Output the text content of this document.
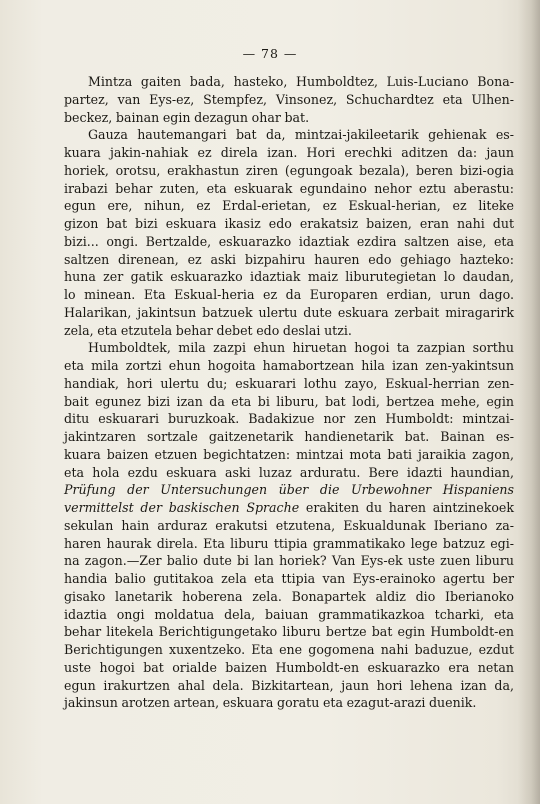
— 78 —
Mintza gaiten bada, hasteko, Humboldtez, Luis-Luciano Bona-
partez, van Eys-ez, Stempfez, Vinsonez, Schuchardtez eta Ulhen-
beckez, bainan egin dezagun ohar bat.
Gauza hautemangari bat da, mintzai-jakileetarik gehienak es-
kuara jakin-nahiak ez direla izan. Hori erechki aditzen da: jaun
horiek, orotsu, erakhastun ziren (egungoak bezala), beren bizi-ogia
irabazi behar zuten, eta eskuarak egundaino nehor eztu aberastu:
egun ere, nihun, ez Erdal-erietan, ez Eskual-herian, ez liteke
gizon bat bizi eskuara ikasiz edo erakatsiz baizen, eran nahi dut
bizi... ongi. Bertzalde, eskuarazko idaztiak ezdira saltzen aise, eta
saltzen direnean, ez aski bizpahiru hauren edo gehiago hazteko:
huna zer gatik eskuarazko idaztiak maiz liburutegietan lo daudan,
lo minean. Eta Eskual-heria ez da Europaren erdian, urun dago.
Halarikan, jakintsun batzuek ulertu dute eskuara zerbait miragarirk
zela, eta etzutela behar debet edo deslai utzi.
Humboldtek, mila zazpi ehun hiruetan hogoi ta zazpian sorthu
eta mila zortzi ehun hogoita hamabortzean hila izan zen-yakintsun
handiak, hori ulertu du; eskuarari lothu zayo, Eskual-herrian zen-
bait egunez bizi izan da eta bi liburu, bat lodi, bertzea mehe, egin
ditu eskuarari buruzkoak. Badakizue nor zen Humboldt: mintzai-
jakintzaren sortzale gaitzenetarik handienetarik bat. Bainan es-
kuara baizen etzuen begichtatzen: mintzai mota bati jaraikia zagon,
eta hola ezdu eskuara aski luzaz arduratu. Bere idazti haundian,
Prüfung der Untersuchungen über die Urbewohner Hispaniens
vermittelst der baskischen Sprache erakiten du haren aintzinekoek
sekulan hain arduraz erakutsi etzutena, Eskualdunak Iberiano za-
haren haurak direla. Eta liburu ttipia grammatikako lege batzuz egi-
na zagon.—Zer balio dute bi lan horiek? Van Eys-ek uste zuen liburu
handia balio gutitakoa zela eta ttipia van Eys-erainoko agertu ber
gisako lanetarik hoberena zela. Bonapartek aldiz dio Iberianoko
idaztia ongi moldatua dela, baiuan grammatikazkoa tcharki, eta
behar litekela Berichtigungetako liburu bertze bat egin Humboldt-en
Berichtigungen xuxentzeko. Eta ene gogomena nahi baduzue, ezdut
uste hogoi bat orialde baizen Humboldt-en eskuarazko era netan
egun irakurtzen ahal dela. Bizkitartean, jaun hori lehena izan da,
jakinsun arotzen artean, eskuara goratu eta ezagut-arazi duenik.
